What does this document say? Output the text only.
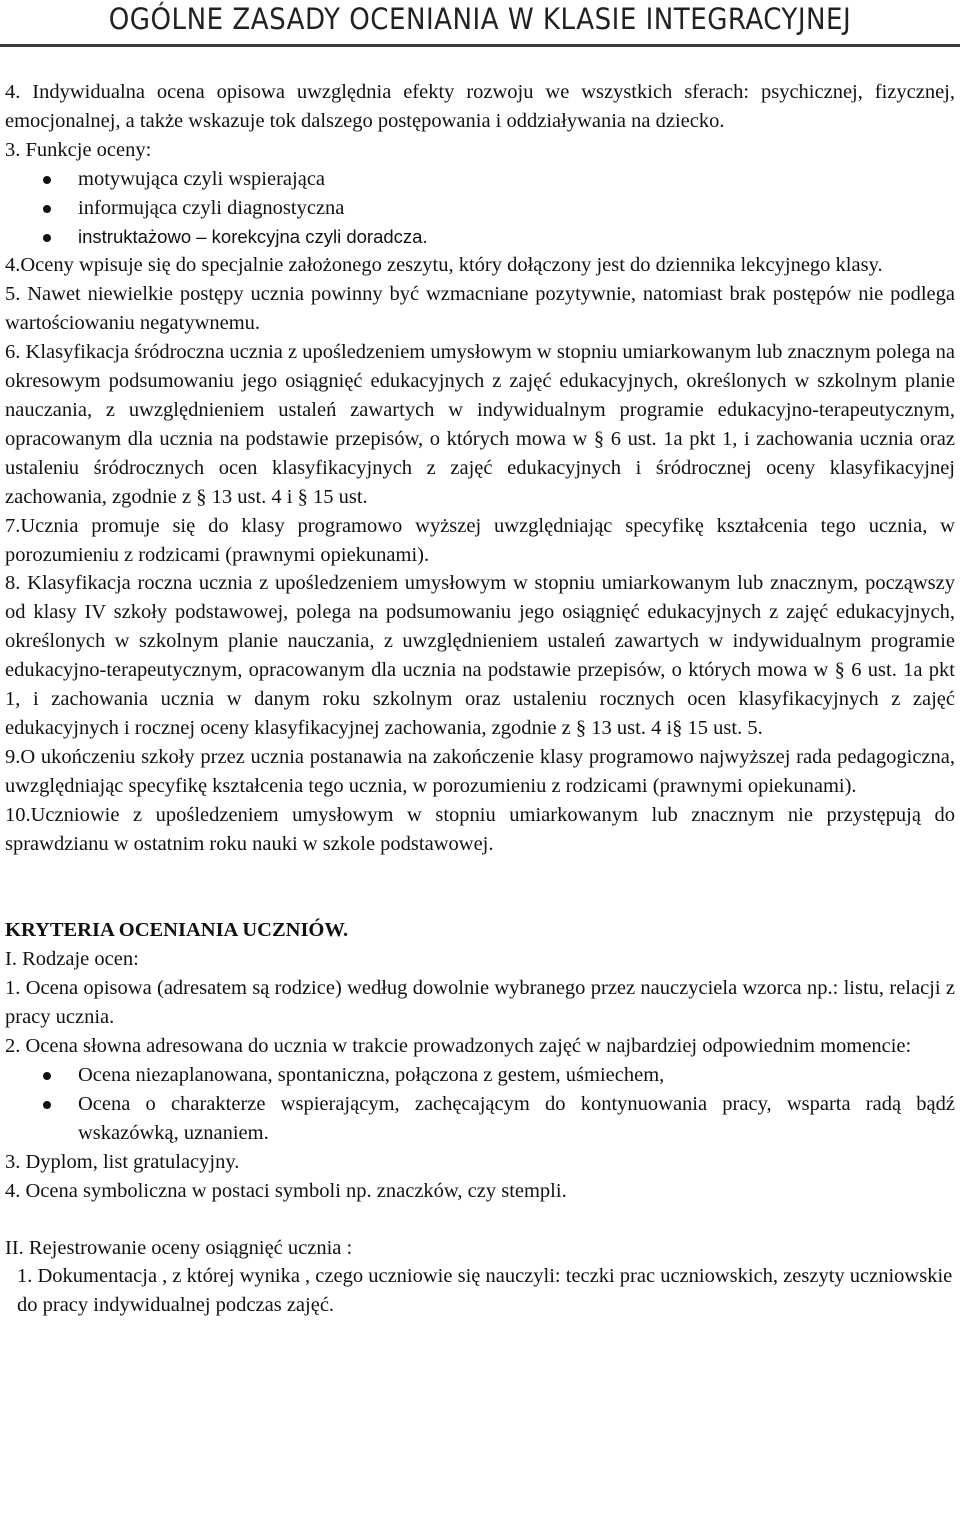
OGÓLNE ZASADY OCENIANIA W KLASIE INTEGRACYJNEJ

4. Indywidualna ocena opisowa uwzględnia efekty rozwoju we wszystkich sferach: psychicznej, fizycznej, emocjonalnej, a także wskazuje tok dalszego postępowania i oddziaływania na dziecko.

3. Funkcje oceny:

motywująca czyli wspierająca
informująca czyli diagnostyczna
instruktażowo – korekcyjna czyli doradcza.

4.Oceny wpisuje się do specjalnie założonego zeszytu, który dołączony jest do dziennika lekcyjnego klasy.

5. Nawet niewielkie postępy ucznia powinny być wzmacniane pozytywnie, natomiast brak postępów nie podlega wartościowaniu negatywnemu.

6. Klasyfikacja śródroczna ucznia z upośledzeniem umysłowym w stopniu umiarkowanym lub znacznym polega na okresowym podsumowaniu jego osiągnięć edukacyjnych z zajęć edukacyjnych, określonych w szkolnym planie nauczania, z uwzględnieniem ustaleń zawartych w indywidualnym programie edukacyjno-terapeutycznym, opracowanym dla ucznia na podstawie przepisów, o których mowa w § 6 ust. 1a pkt 1, i zachowania ucznia oraz ustaleniu śródrocznych ocen klasyfikacyjnych z zajęć edukacyjnych i śródrocznej oceny klasyfikacyjnej zachowania, zgodnie z § 13 ust. 4 i § 15 ust.

7.Ucznia promuje się do klasy programowo wyższej uwzględniając specyfikę kształcenia tego ucznia, w porozumieniu z rodzicami (prawnymi opiekunami).

8. Klasyfikacja roczna ucznia z upośledzeniem umysłowym w stopniu umiarkowanym lub znacznym, począwszy od klasy IV szkoły podstawowej, polega na podsumowaniu jego osiągnięć edukacyjnych z zajęć edukacyjnych, określonych w szkolnym planie nauczania, z uwzględnieniem ustaleń zawartych w indywidualnym programie edukacyjno-terapeutycznym, opracowanym dla ucznia na podstawie przepisów, o których mowa w § 6 ust. 1a pkt 1, i zachowania ucznia w danym roku szkolnym oraz ustaleniu rocznych ocen klasyfikacyjnych z zajęć edukacyjnych i rocznej oceny klasyfikacyjnej zachowania, zgodnie z § 13 ust. 4 i§ 15 ust. 5.

9.O ukończeniu szkoły przez ucznia postanawia na zakończenie klasy programowo najwyższej rada pedagogiczna, uwzględniając specyfikę kształcenia tego ucznia, w porozumieniu z rodzicami (prawnymi opiekunami).

10.Uczniowie z upośledzeniem umysłowym w stopniu umiarkowanym lub znacznym nie przystępują do sprawdzianu w ostatnim roku nauki w szkole podstawowej.

KRYTERIA OCENIANIA UCZNIÓW.

I. Rodzaje ocen:

1. Ocena opisowa (adresatem są rodzice) według dowolnie wybranego przez nauczyciela wzorca np.: listu, relacji z pracy ucznia.

2. Ocena słowna adresowana do ucznia w trakcie prowadzonych zajęć w najbardziej odpowiednim momencie:

Ocena niezaplanowana, spontaniczna, połączona z gestem, uśmiechem,
Ocena o charakterze wspierającym, zachęcającym do kontynuowania pracy, wsparta radą bądź wskazówką, uznaniem.

3. Dyplom, list gratulacyjny.

4. Ocena symboliczna w postaci symboli np. znaczków, czy stempli.

II. Rejestrowanie oceny osiągnięć ucznia :

1. Dokumentacja , z której wynika , czego uczniowie się nauczyli: teczki prac uczniowskich, zeszyty uczniowskie do pracy indywidualnej podczas zajęć.
